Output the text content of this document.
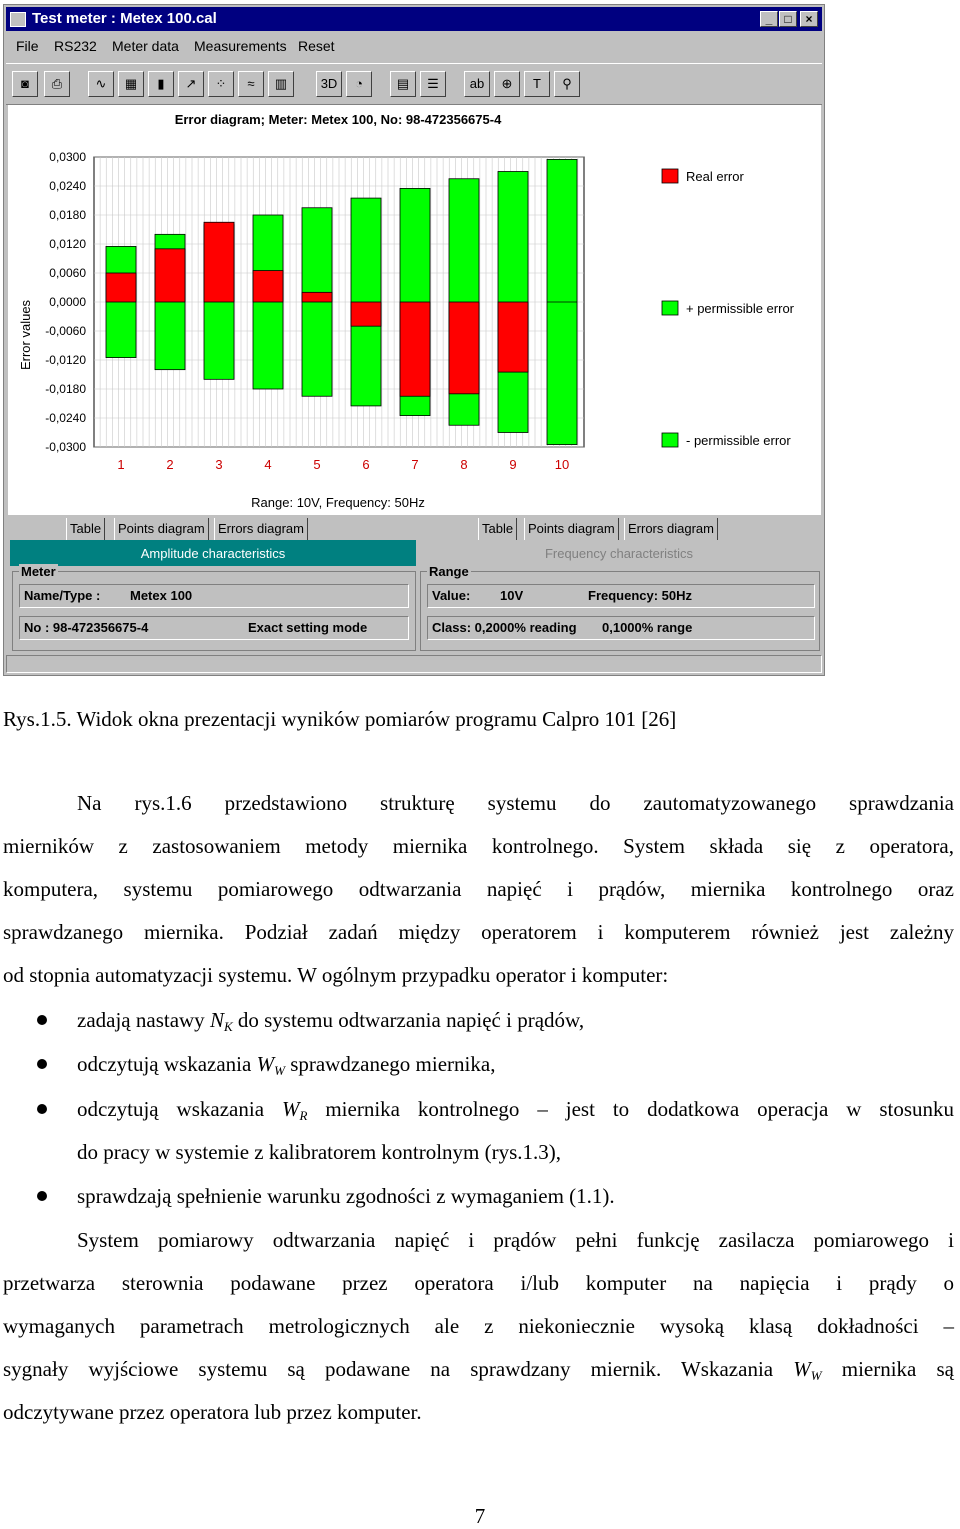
Test meter : Metex 100.cal	_	□	×
File RS232 Meter data Measurements Reset
◙	⎙	∿	▦	▮	↗	⁘	≈	▥	3D	◔	▤	☰	ab	⊕	T	⚲
Error diagram; Meter: Metex 100, No: 98-472356675-4
Error values
Range: 10V, Frequency: 50Hz
0,0300
0,0240
0,0180
0,0120
0,0060
0,0000
-0,0060
-0,0120
-0,0180
-0,0240
-0,0300
1	2	3	4	5	6	7	8	9	10
Real error
+ permissible error
- permissible error
Table	Points diagram	Errors diagram
Amplitude characteristics
Table	Points diagram	Errors diagram
Frequency characteristics
Meter
Name/Type : Metex 100
No : 98-472356675-4	Exact setting mode
Range
Value: 10V	Frequency: 50Hz
Class: 0,2000% reading 0,1000% range
Rys.1.5. Widok okna prezentacji wyników pomiarów programu Calpro 101 [26]
Na rys.1.6 przedstawiono strukturę systemu do zautomatyzowanego sprawdzania
mierników z zastosowaniem metody miernika kontrolnego. System składa się z operatora,
komputera, systemu pomiarowego odtwarzania napięć i prądów, miernika kontrolnego oraz
sprawdzanego miernika. Podział zadań między operatorem i komputerem również jest zależny
od stopnia automatyzacji systemu. W ogólnym przypadku operator i komputer:
zadają nastawy $N_K$ do systemu odtwarzania napięć i prądów,
odczytują wskazania $W_W$ sprawdzanego miernika,
odczytują wskazania $W_R$ miernika kontrolnego – jest to dodatkowa operacja w stosunku
do pracy w systemie z kalibratorem kontrolnym (rys.1.3),
sprawdzają spełnienie warunku zgodności z wymaganiem (1.1).
System pomiarowy odtwarzania napięć i prądów pełni funkcję zasilacza pomiarowego i
przetwarza sterownia podawane przez operatora i/lub komputer na napięcia i prądy o
wymaganych parametrach metrologicznych ale z niekoniecznie wysoką klasą dokładności –
sygnały wyjściowe systemu są podawane na sprawdzany miernik. Wskazania $W_W$ miernika są
odczytywane przez operatora lub przez komputer.
7
